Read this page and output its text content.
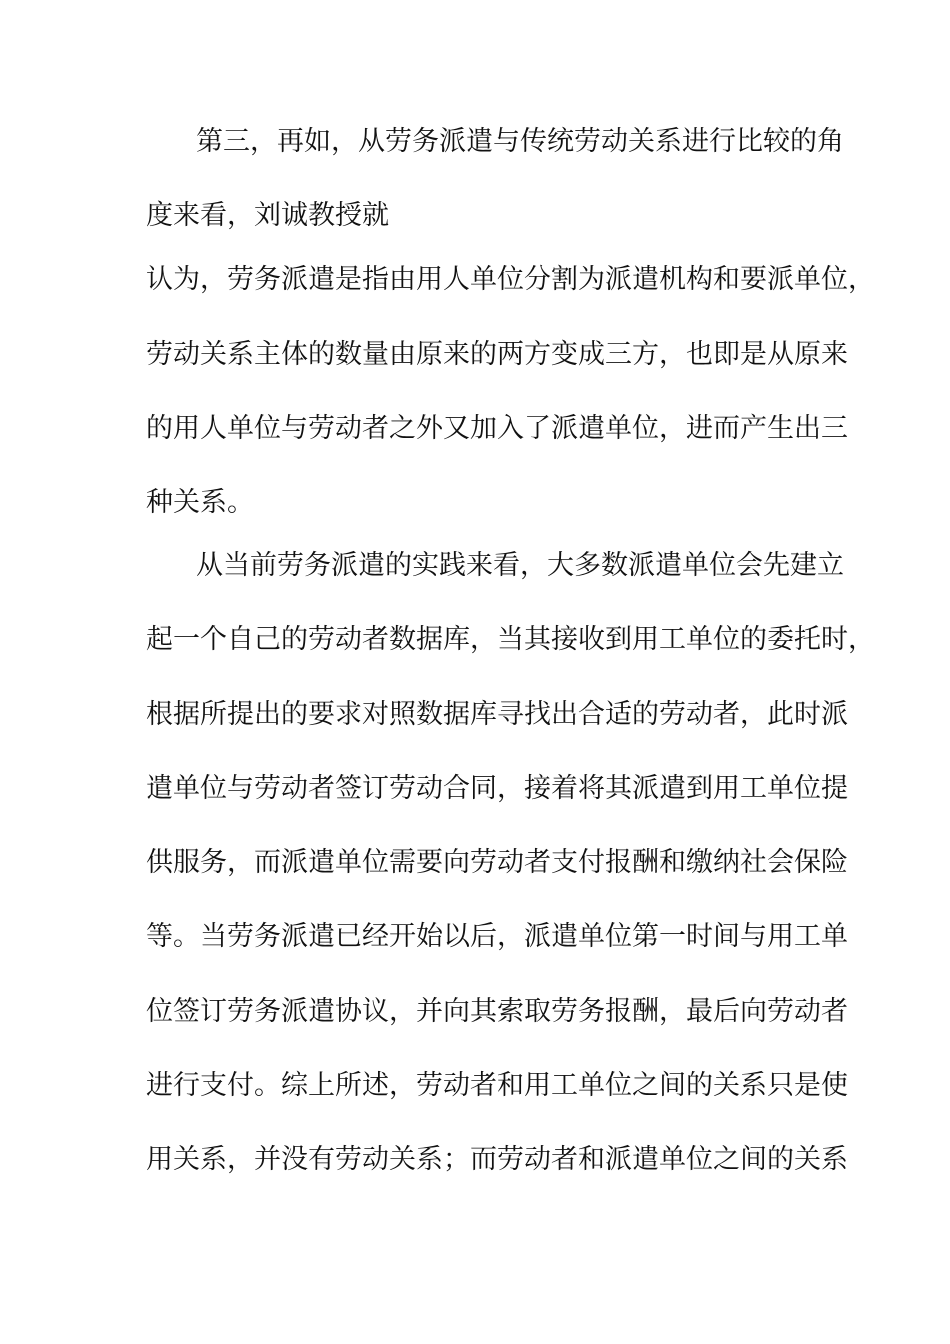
第三，再如，从劳务派遣与传统劳动关系进行比较的角
度来看，刘诚教授就
认为，劳务派遣是指由用人单位分割为派遣机构和要派单位，
劳动关系主体的数量由原来的两方变成三方，也即是从原来
的用人单位与劳动者之外又加入了派遣单位，进而产生出三
种关系。
从当前劳务派遣的实践来看，大多数派遣单位会先建立
起一个自己的劳动者数据库，当其接收到用工单位的委托时，
根据所提出的要求对照数据库寻找出合适的劳动者，此时派
遣单位与劳动者签订劳动合同，接着将其派遣到用工单位提
供服务，而派遣单位需要向劳动者支付报酬和缴纳社会保险
等。当劳务派遣已经开始以后，派遣单位第一时间与用工单
位签订劳务派遣协议，并向其索取劳务报酬，最后向劳动者
进行支付。综上所述，劳动者和用工单位之间的关系只是使
用关系，并没有劳动关系；而劳动者和派遣单位之间的关系
